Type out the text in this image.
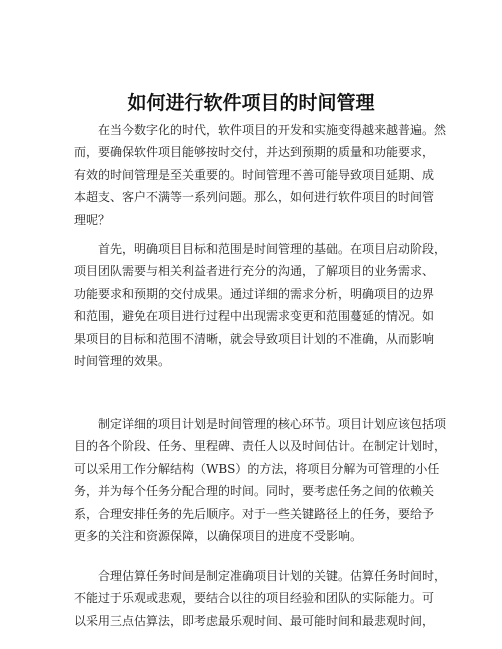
如何进行软件项目的时间管理

在当今数字化的时代，软件项目的开发和实施变得越来越普遍。然
而，要确保软件项目能够按时交付，并达到预期的质量和功能要求，
有效的时间管理是至关重要的。时间管理不善可能导致项目延期、成
本超支、客户不满等一系列问题。那么，如何进行软件项目的时间管
理呢？

首先，明确项目目标和范围是时间管理的基础。在项目启动阶段，
项目团队需要与相关利益者进行充分的沟通，了解项目的业务需求、
功能要求和预期的交付成果。通过详细的需求分析，明确项目的边界
和范围，避免在项目进行过程中出现需求变更和范围蔓延的情况。如
果项目的目标和范围不清晰，就会导致项目计划的不准确，从而影响
时间管理的效果。

制定详细的项目计划是时间管理的核心环节。项目计划应该包括项
目的各个阶段、任务、里程碑、责任人以及时间估计。在制定计划时，
可以采用工作分解结构（WBS）的方法，将项目分解为可管理的小任
务，并为每个任务分配合理的时间。同时，要考虑任务之间的依赖关
系，合理安排任务的先后顺序。对于一些关键路径上的任务，要给予
更多的关注和资源保障，以确保项目的进度不受影响。

合理估算任务时间是制定准确项目计划的关键。估算任务时间时，
不能过于乐观或悲观，要结合以往的项目经验和团队的实际能力。可
以采用三点估算法，即考虑最乐观时间、最可能时间和最悲观时间，
